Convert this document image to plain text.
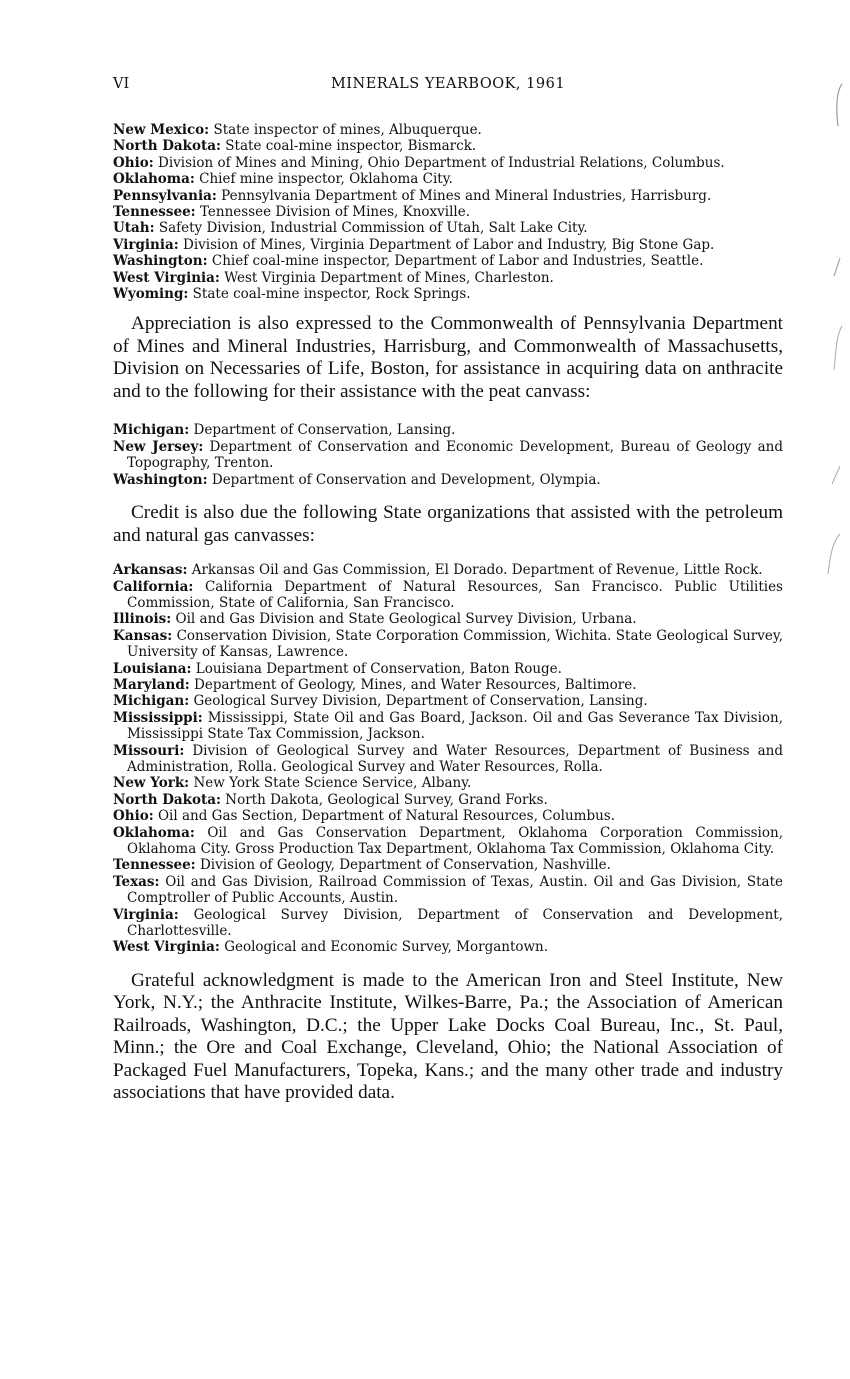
VI	MINERALS YEARBOOK, 1961
New Mexico: State inspector of mines, Albuquerque.
North Dakota: State coal-mine inspector, Bismarck.
Ohio: Division of Mines and Mining, Ohio Department of Industrial Relations, Columbus.
Oklahoma: Chief mine inspector, Oklahoma City.
Pennsylvania: Pennsylvania Department of Mines and Mineral Industries, Harrisburg.
Tennessee: Tennessee Division of Mines, Knoxville.
Utah: Safety Division, Industrial Commission of Utah, Salt Lake City.
Virginia: Division of Mines, Virginia Department of Labor and Industry, Big Stone Gap.
Washington: Chief coal-mine inspector, Department of Labor and Industries, Seattle.
West Virginia: West Virginia Department of Mines, Charleston.
Wyoming: State coal-mine inspector, Rock Springs.

Appreciation is also expressed to the Commonwealth of Pennsylvania Department of Mines and Mineral Industries, Harrisburg, and Commonwealth of Massachusetts, Division on Necessaries of Life, Boston, for assistance in acquiring data on anthracite and to the following for their assistance with the peat canvass:

Michigan: Department of Conservation, Lansing.
New Jersey: Department of Conservation and Economic Development, Bureau of Geology and Topography, Trenton.
Washington: Department of Conservation and Development, Olympia.

Credit is also due the following State organizations that assisted with the petroleum and natural gas canvasses:

Arkansas: Arkansas Oil and Gas Commission, El Dorado. Department of Revenue, Little Rock.
California: California Department of Natural Resources, San Francisco. Public Utilities Commission, State of California, San Francisco.
Illinois: Oil and Gas Division and State Geological Survey Division, Urbana.
Kansas: Conservation Division, State Corporation Commission, Wichita. State Geological Survey, University of Kansas, Lawrence.
Louisiana: Louisiana Department of Conservation, Baton Rouge.
Maryland: Department of Geology, Mines, and Water Resources, Baltimore.
Michigan: Geological Survey Division, Department of Conservation, Lansing.
Mississippi: Mississippi, State Oil and Gas Board, Jackson. Oil and Gas Severance Tax Division, Mississippi State Tax Commission, Jackson.
Missouri: Division of Geological Survey and Water Resources, Department of Business and Administration, Rolla. Geological Survey and Water Resources, Rolla.
New York: New York State Science Service, Albany.
North Dakota: North Dakota, Geological Survey, Grand Forks.
Ohio: Oil and Gas Section, Department of Natural Resources, Columbus.
Oklahoma: Oil and Gas Conservation Department, Oklahoma Corporation Commission, Oklahoma City. Gross Production Tax Department, Oklahoma Tax Commission, Oklahoma City.
Tennessee: Division of Geology, Department of Conservation, Nashville.
Texas: Oil and Gas Division, Railroad Commission of Texas, Austin. Oil and Gas Division, State Comptroller of Public Accounts, Austin.
Virginia: Geological Survey Division, Department of Conservation and Development, Charlottesville.
West Virginia: Geological and Economic Survey, Morgantown.

Grateful acknowledgment is made to the American Iron and Steel Institute, New York, N.Y.; the Anthracite Institute, Wilkes-Barre, Pa.; the Association of American Railroads, Washington, D.C.; the Upper Lake Docks Coal Bureau, Inc., St. Paul, Minn.; the Ore and Coal Exchange, Cleveland, Ohio; the National Association of Packaged Fuel Manufacturers, Topeka, Kans.; and the many other trade and industry associations that have provided data.
